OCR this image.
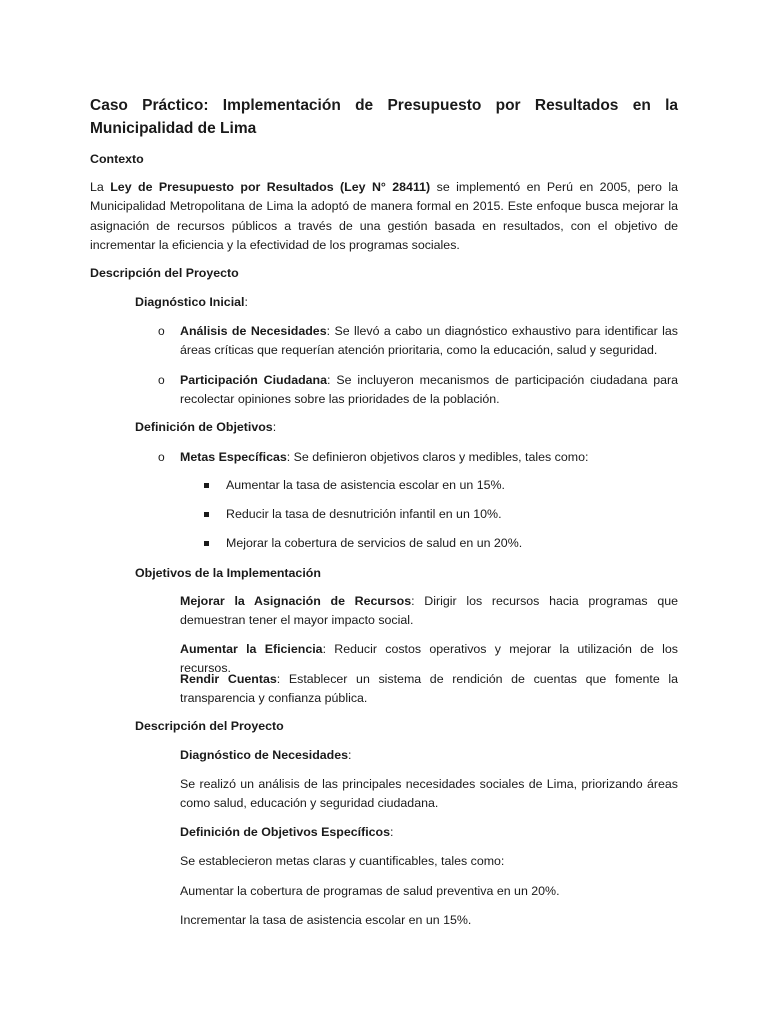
Caso Práctico: Implementación de Presupuesto por Resultados en la Municipalidad de Lima
Contexto
La Ley de Presupuesto por Resultados (Ley N° 28411) se implementó en Perú en 2005, pero la Municipalidad Metropolitana de Lima la adoptó de manera formal en 2015. Este enfoque busca mejorar la asignación de recursos públicos a través de una gestión basada en resultados, con el objetivo de incrementar la eficiencia y la efectividad de los programas sociales.
Descripción del Proyecto
Diagnóstico Inicial:
o Análisis de Necesidades: Se llevó a cabo un diagnóstico exhaustivo para identificar las áreas críticas que requerían atención prioritaria, como la educación, salud y seguridad.
o Participación Ciudadana: Se incluyeron mecanismos de participación ciudadana para recolectar opiniones sobre las prioridades de la población.
Definición de Objetivos:
o Metas Específicas: Se definieron objetivos claros y medibles, tales como:
Aumentar la tasa de asistencia escolar en un 15%.
Reducir la tasa de desnutrición infantil en un 10%.
Mejorar la cobertura de servicios de salud en un 20%.
Objetivos de la Implementación
Mejorar la Asignación de Recursos: Dirigir los recursos hacia programas que demuestran tener el mayor impacto social.
Aumentar la Eficiencia: Reducir costos operativos y mejorar la utilización de los recursos.
Rendir Cuentas: Establecer un sistema de rendición de cuentas que fomente la transparencia y confianza pública.
Descripción del Proyecto
Diagnóstico de Necesidades:
Se realizó un análisis de las principales necesidades sociales de Lima, priorizando áreas como salud, educación y seguridad ciudadana.
Definición de Objetivos Específicos:
Se establecieron metas claras y cuantificables, tales como:
Aumentar la cobertura de programas de salud preventiva en un 20%.
Incrementar la tasa de asistencia escolar en un 15%.
